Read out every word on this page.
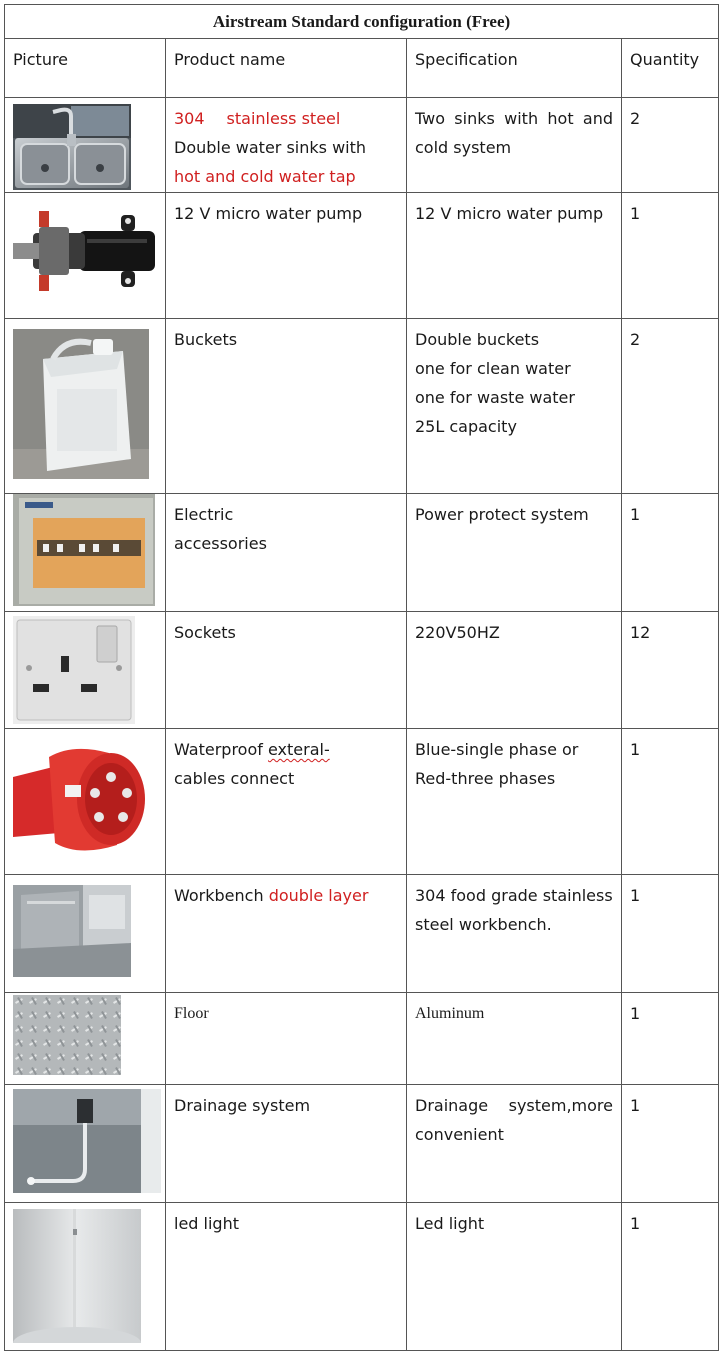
Airstream Standard configuration (Free)			

Picture	Product name	Specification	Quantity

304 stainless steel
Double water sinks with
hot and cold water tap	Two sinks with hot and cold system	2

12 V micro water pump	12 V micro water pump	1

Buckets	Double buckets
one for clean water
one for waste water
25L capacity	2

Electric
accessories	Power protect system	1

Sockets	220V50HZ	12

Waterproof exteral-
cables connect	Blue-single phase or
Red-three phases	1

Workbench double layer	304 food grade stainless steel workbench.	1

Floor	Aluminum	1

Drainage system	Drainage system,more convenient	1

led light	Led light	1
